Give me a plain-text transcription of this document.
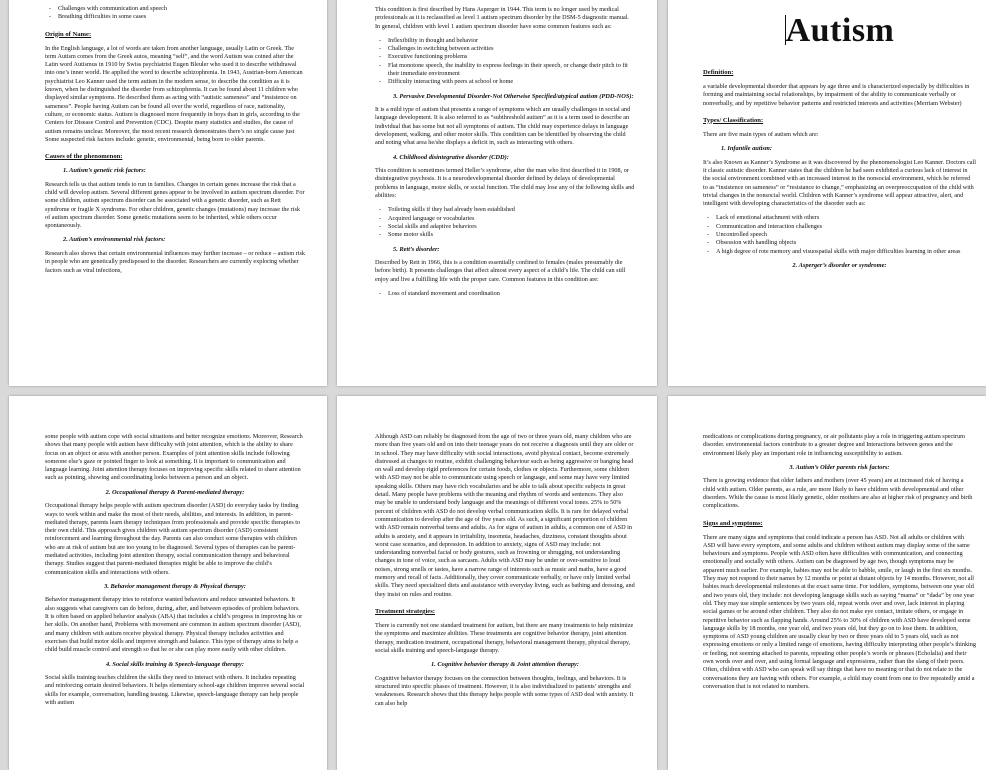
- Challenges with communication and speech
- Breathing difficulties in some cases
Origin of Name:

In the English language, a lot of words are taken from another language, usually Latin or Greek. The term Autism comes from the Greek autos, meaning “self”, and the word Autism was coined after the Latin word Autismus in 1910 by Swiss psychiatrist Eugen Bleuler who used it to describe withdrawal into one’s inner world. He applied the word to describe schizophrenia. In 1943, Austrian-born American psychiatrist Leo Kanner used the term autism in the modern sense, to describe the condition as it is known, when he distinguished the disorder from schizophrenia. It can be found about 11 children who displayed similar symptoms. He described them as acting with “autistic sameness” and “insistence on sameness”. People having Autism can be found all over the world, regardless of race, nationality, culture, or economic status. Autism is diagnosed more frequently in boys than in girls, according to the Centers for Disease Control and Prevention (CDC). Despite many statistics and studies, the cause of autism remains unclear. Moreover, the most recent research demonstrates there’s no single cause just Some suspected risk factors include: genetic, environmental, being born to older parents.

Causes of the phenomenon:
1. Autism’s genetic risk factors:

Research tells us that autism tends to run in families. Changes in certain genes increase the risk that a child will develop autism. Several different genes appear to be involved in autism spectrum disorder. For some children, autism spectrum disorder can be associated with a genetic disorder, such as Rett syndrome or fragile X syndrome. For other children, genetic changes (mutations) may increase the risk of autism spectrum disorder. Some genetic mutations seem to be inherited, while others occur spontaneously.

2. Autism’s environmental risk factors:

Research also shows that certain environmental influences may further increase – or reduce – autism risk in people who are genetically predisposed to the disorder. Researchers are currently exploring whether factors such as viral infections,

This condition is first described by Hans Asperger in 1944. This term is no longer used by medical professionals as it is reclassified as level 1 autism spectrum disorder by the DSM-5 diagnostic manual. In general, children with level 1 autism spectrum disorder have some common features such as:

- Inflexibility in thought and behavior
- Challenges in switching between activities
- Executive functioning problems
- Flat monotone speech, the inability to express feelings in their speech, or change their pitch to fit their immediate environment
- Difficulty interacting with peers at school or home
3. Pervasive Developmental Disorder-Not Otherwise Specified/atypical autism (PDD-NOS):

It is a mild type of autism that presents a range of symptoms which are usually challenges in social and language development. It is also referred to as “subthreshold autism” as it is a term used to describe an individual that has some but not all symptoms of autism. The child may experience delays in language development, walking, and other motor skills. This condition can be identified by observing the child and noting what area he/she displays a deficit in, such as interacting with others.

4. Childhood disintegrative disorder (CDD):

This condition is sometimes termed Heller’s syndrome, after the man who first described it in 1908, or disintegrative psychosis. It is a neurodevelopmental disorder defined by delays of developmental problems in language, motor skills, or social function. The child may lose any of the following skills and abilities:

- Toileting skills if they had already been established
- Acquired language or vocabularies
- Social skills and adaptive behaviors
- Some motor skills
5. Rett’s disorder:

Described by Rett in 1966, this is a condition essentially confined to females (males presumably die before birth). It presents challenges that affect almost every aspect of a child’s life. The child can still enjoy and live a fulfilling life with the proper care. Common features in this condition are:

- Loss of standard movement and coordination
Autism
Definition:

a variable developmental disorder that appears by age three and is characterized especially by difficulties in forming and maintaining social relationships, by impairment of the ability to communicate verbally or nonverbally, and by repetitive behavior patterns and restricted interests and activities (Merriam Webster)

Types/ Classification:

There are five main types of autism which are:

1. Infantile autism:

It’s also Known as Kanner’s Syndrome as it was discovered by the phenomenologist Leo Kanner. Doctors call it classic autistic disorder. Kanner states that the children he had seen exhibited a curious lack of interest in the social environment combined with an increased interest in the nonsocial environment, which he referred to as “insistence on sameness” or “resistance to change,” emphasizing an overpreoccupation of the child with trivial changes in the nonsocial world. Children with Kanner’s syndrome will appear attractive, alert, and intelligent with developing characteristics of the disorder such as:

- Lack of emotional attachment with others
- Communication and interaction challenges
- Uncontrolled speech
- Obsession with handling objects
- A high degree of rote memory and visuospatial skills with major difficulties learning in other areas
2. Asperger’s disorder or syndrome:

some people with autism cope with social situations and better recognize emotions. Moreover, Research shows that many people with autism have difficulty with joint attention, which is the ability to share focus on an object or area with another person. Examples of joint attention skills include following someone else’s gaze or pointed finger to look at something. It is important to communication and language learning. Joint attention therapy focuses on improving specific skills related to share attention such as pointing, showing and coordinating looks between a person and an object.

2. Occupational therapy & Parent-mediated therapy:

Occupational therapy helps people with autism spectrum disorder (ASD) do everyday tasks by finding ways to work within and make the most of their needs, abilities, and interests. In addition, in parent-mediated therapy, parents learn therapy techniques from professionals and provide specific therapies to their own child. This approach gives children with autism spectrum disorder (ASD) consistent reinforcement and learning throughout the day. Parents can also conduct some therapies with children who are at risk of autism but are too young to be diagnosed. Several types of therapies can be parent-mediated activities, including joint attention therapy, social communication therapy and behavioral therapy. Studies suggest that parent-mediated therapies might be able to improve the child’s communication skills and interactions with others.

3. Behavior management therapy & Physical therapy:

Behavior management therapy tries to reinforce wanted behaviors and reduce unwanted behaviors. It also suggests what caregivers can do before, during, after, and between episodes of problem behaviors. It is often based on applied behavior analysis (ABA) that includes a child’s progress in improving his or her skills. On another hand, Problems with movement are common in autism spectrum disorder (ASD), and many children with autism receive physical therapy. Physical therapy includes activities and exercises that build motor skills and improve strength and balance. This type of therapy aims to help a child build muscle control and strength so that he or she can play more easily with other children.

4. Social skills training & Speech-language therapy:

Social skills training teaches children the skills they need to interact with others. It includes repeating and reinforcing certain desired behaviors. It helps elementary school-age children improve several social skills for example, conversation, handling teasing. Likewise, speech-language therapy can help people with autism

Although ASD can reliably be diagnosed from the age of two or three years old, many children who are more than five years old and on into their teenage years do not receive a diagnosis until they are older or in school. They may have difficulty with social interactions, avoid physical contact, become extremely distressed at changes to routine, exhibit challenging behaviour such as being aggressive or banging head on wall and develop rigid preferences for certain foods, clothes or objects. Furthermore, some children with ASD may not be able to communicate using speech or language, and some may have very limited speaking skills. Others may have rich vocabularies and be able to talk about specific subjects in great detail. Many people have problems with the meaning and rhythm of words and sentences. They also may be unable to understand body language and the meanings of different vocal tones. 25% to 50% percent of children with ASD do not develop verbal communication skills. It is rare for delayed verbal communication to develop after the age of five years old. As such, a significant proportion of children with ASD remain nonverbal teens and adults. As for signs of autism in adults, a common one of ASD in adults is anxiety, and it appears in irritability, insomnia, headaches, dizziness, constant thoughts about worst case scenarios, and depression. In addition to anxiety, signs of ASD may include: not understanding nonverbal facial or body gestures, such as frowning or shrugging, not understanding changes in tone of voice, such as sarcasm. Adults with ASD may be under or over-sensitive to loud noises, strong smells or tastes, have a narrow range of interests such as music and maths, have a good memory and recall of facts. Additionally, they cover communicate verbally, or have only limited verbal skills. They need specialized diets and assistance with everyday living, such as bathing and dressing, and they insist on rules and routine.

Treatment strategies:

There is currently not one standard treatment for autism, but there are many treatments to help minimize the symptoms and maximize abilities. These treatments are cognitive behavior therapy, joint attention therapy, medication treatment, occupational therapy, behavioral management therapy, physical therapy, social skills training and speech-language therapy.

1. Cognitive behavior therapy & Joint attention therapy:

Cognitive behavior therapy focuses on the connection between thoughts, feelings, and behaviors. It is structured into specific phases of treatment. However, it is also individualized to patients’ strengths and weaknesses. Research shows that this therapy helps people with some types of ASD deal with anxiety. It can also help

medications or complications during pregnancy, or air pollutants play a role in triggering autism spectrum disorder. environmental factors contribute to a greater degree and Interactions between genes and the environment likely play an important role in influencing susceptibility to autism.

3. Autism’s Older parents risk factors:

There is growing evidence that older fathers and mothers (over 45 years) are at increased risk of having a child with autism. Older parents, as a rule, are more likely to have children with developmental and other disorders. While the cause is most likely genetic, older mothers are also at higher risk of pregnancy and birth complications.

Signs and symptoms:

There are many signs and symptoms that could indicate a person has ASD. Not all adults or children with ASD will have every symptom, and some adults and children without autism may display some of the same behaviours and symptoms. People with ASD often have difficulties with communication, and connecting emotionally and socially with others. Autism can be diagnosed by age two, though symptoms may be apparent much earlier. For example, babies may not be able to babble, smile, or laugh in the first six months. They may not respond to their names by 12 months or point at distant objects by 14 months. However, not all babies reach developmental milestones at the exact same time. For toddlers, symptoms, between one year old and two years old, they include: not developing language skills such as saying “mama” or “dada” by one year old. They may use simple sentences by two years old, repeat words over and over, lack interest in playing social games or be around other children. They also do not make eye contact, imitate others, or engage in repetitive behavior such as flapping hands. Around 25% to 30% of children with ASD have developed some language skills by 18 months, one year old, and two years old, but they go on to lose them. In addition, symptoms of ASD young children are usually clear by two or three years old to 5 years old, such as not expressing emotions or only a limited range of emotions, having difficulty interpreting other people’s thinking or feeling, not seeming attached to parents, repeating other people’s words or phrases (Echolalia) and their own words over and over, and using formal language and expressions, rather than the slang of their peers. Often, children with ASD who can speak will say things that have no meaning or that do not relate to the conversations they are having with others. For example, a child may count from one to five repeatedly amid a conversation that is not related to numbers.
